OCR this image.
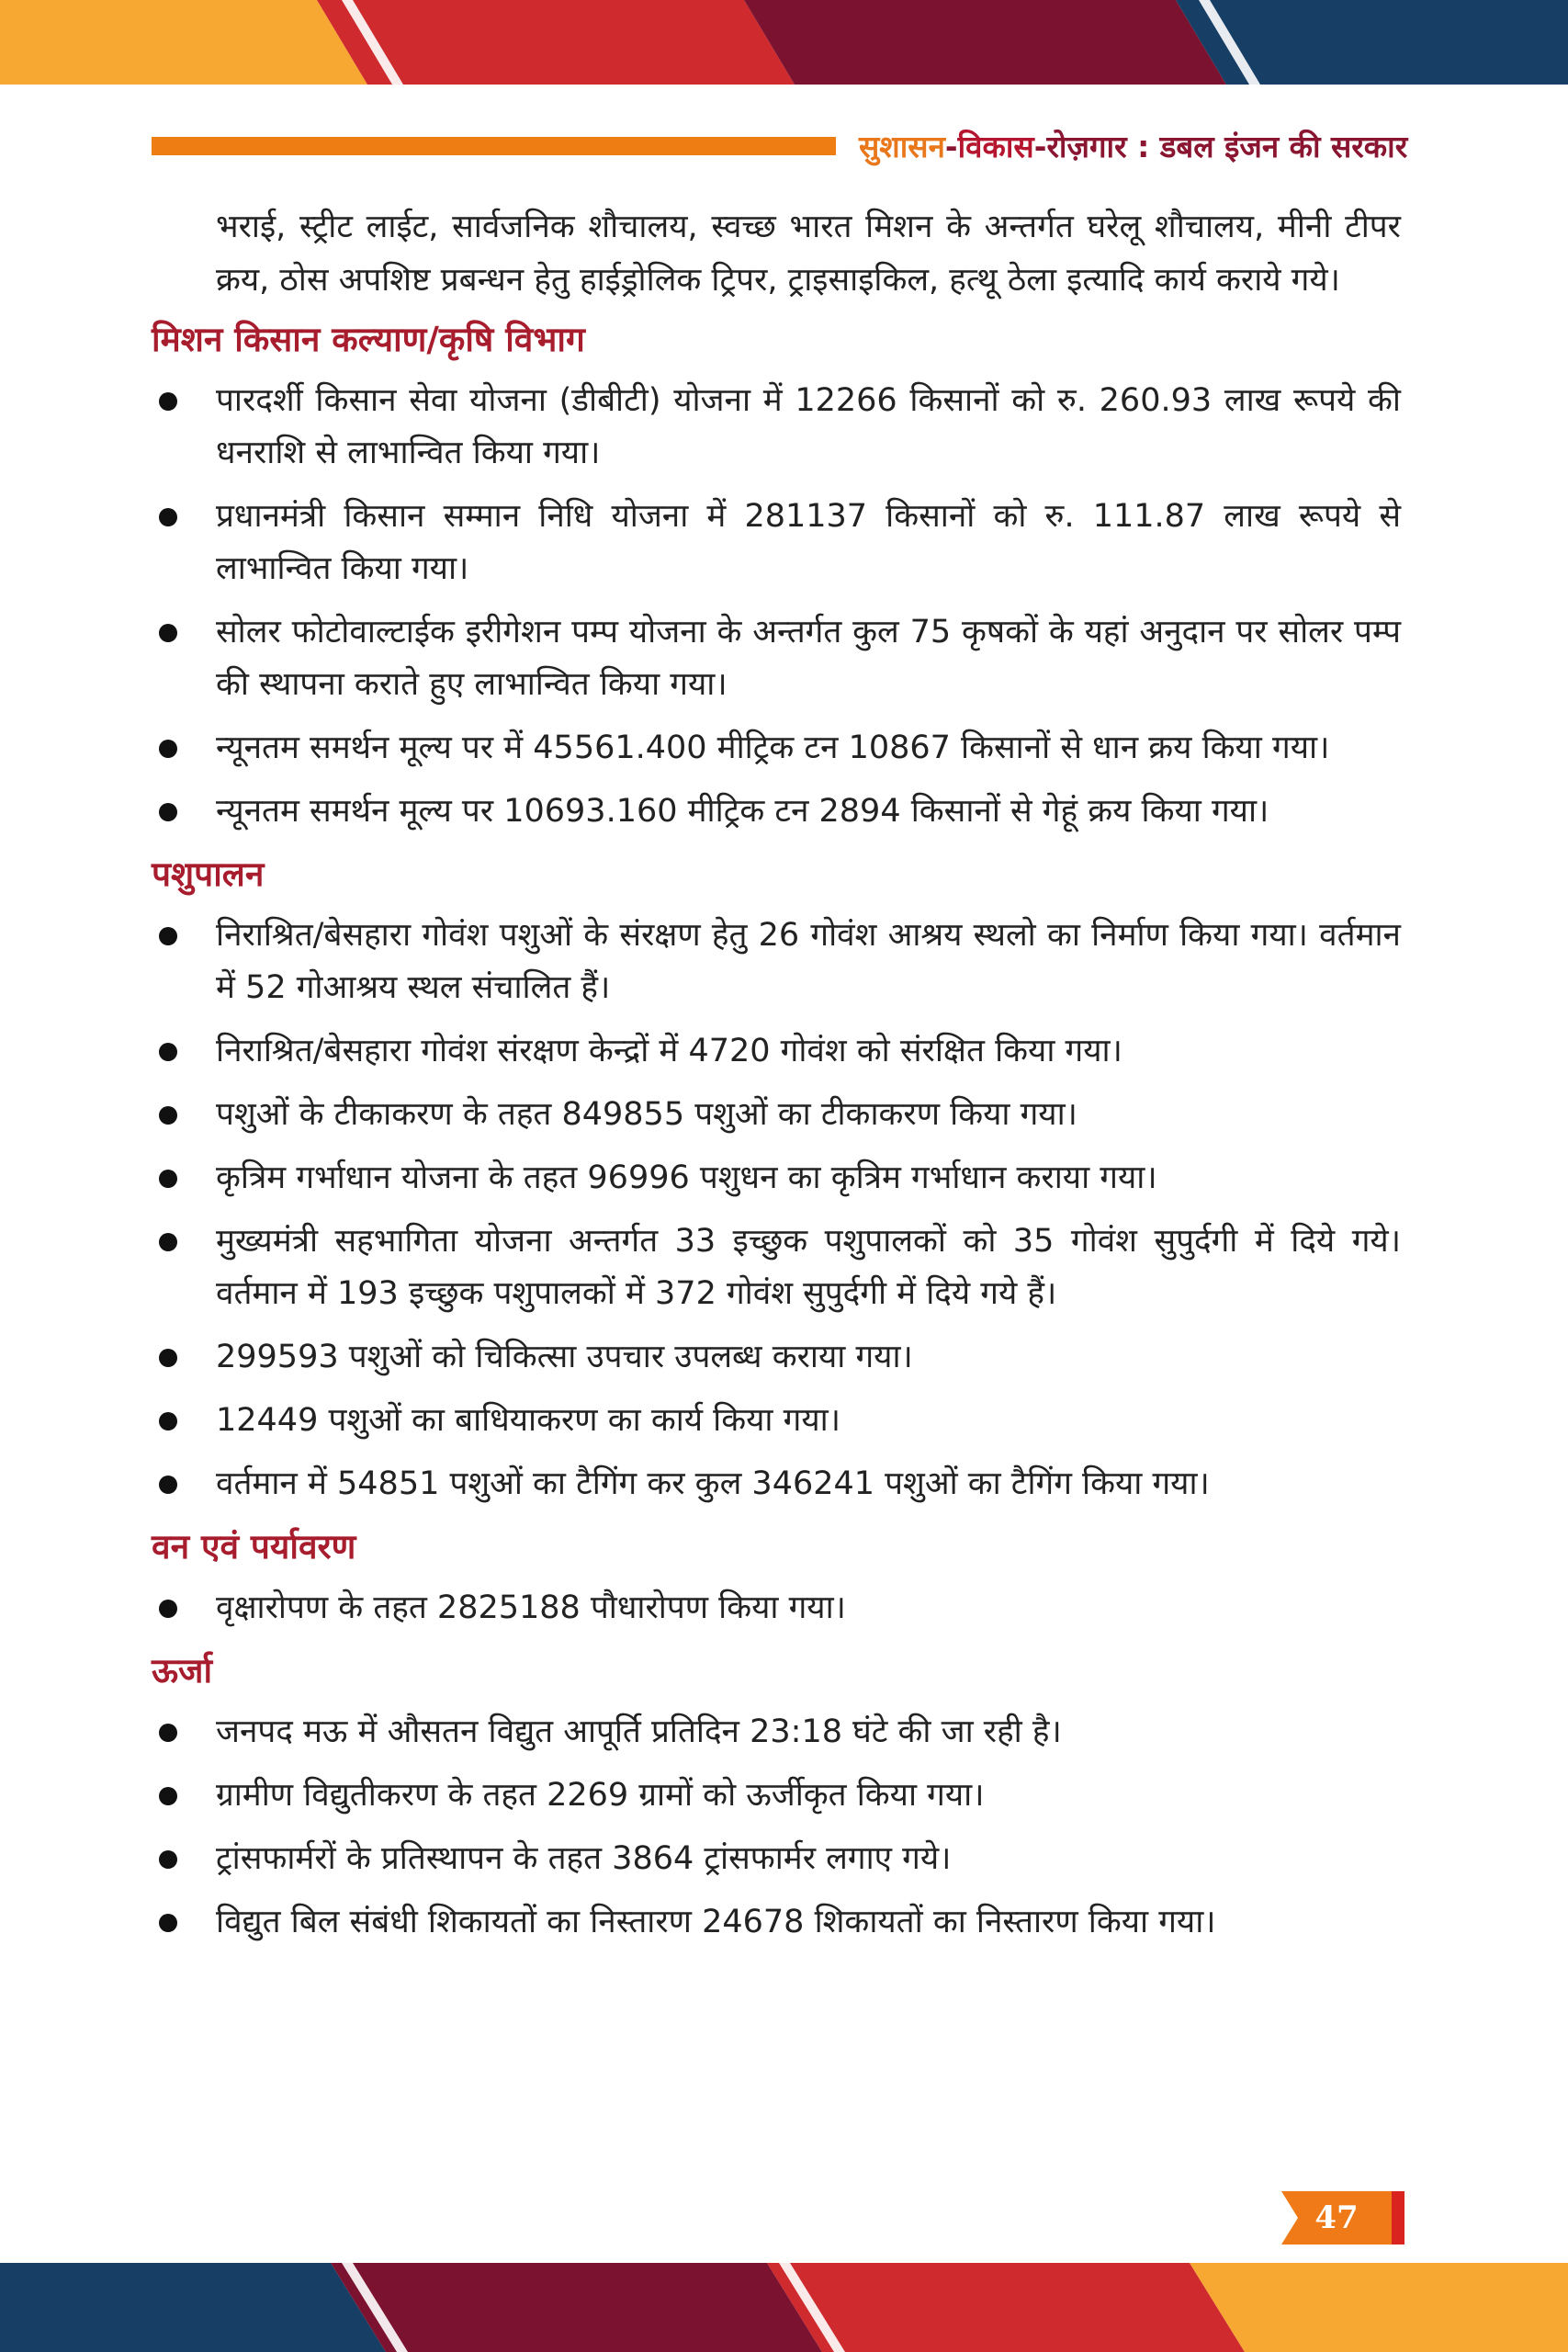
सुशासन-विकास-रोज़गार : डबल इंजन की सरकार

भराई, स्ट्रीट लाईट, सार्वजनिक शौचालय, स्वच्छ भारत मिशन के अन्तर्गत घरेलू शौचालय, मीनी टीपर क्रय, ठोस अपशिष्ट प्रबन्धन हेतु हाईड्रोलिक ट्रिपर, ट्राइसाइकिल, हत्थू ठेला इत्यादि कार्य कराये गये।

मिशन किसान कल्याण/कृषि विभाग
पारदर्शी किसान सेवा योजना (डीबीटी) योजना में 12266 किसानों को रु. 260.93 लाख रूपये की धनराशि से लाभान्वित किया गया।
प्रधानमंत्री किसान सम्मान निधि योजना में 281137 किसानों को रु. 111.87 लाख रूपये से लाभान्वित किया गया।
सोलर फोटोवाल्टाईक इरीगेशन पम्प योजना के अन्तर्गत कुल 75 कृषकों के यहां अनुदान पर सोलर पम्प की स्थापना कराते हुए लाभान्वित किया गया।
न्यूनतम समर्थन मूल्य पर में 45561.400 मीट्रिक टन 10867 किसानों से धान क्रय किया गया।
न्यूनतम समर्थन मूल्य पर 10693.160 मीट्रिक टन 2894 किसानों से गेहूं क्रय किया गया।
पशुपालन
निराश्रित/बेसहारा गोवंश पशुओं के संरक्षण हेतु 26 गोवंश आश्रय स्थलो का निर्माण किया गया। वर्तमान में 52 गोआश्रय स्थल संचालित हैं।
निराश्रित/बेसहारा गोवंश संरक्षण केन्द्रों में 4720 गोवंश को संरक्षित किया गया।
पशुओं के टीकाकरण के तहत 849855 पशुओं का टीकाकरण किया गया।
कृत्रिम गर्भाधान योजना के तहत 96996 पशुधन का कृत्रिम गर्भाधान कराया गया।
मुख्यमंत्री सहभागिता योजना अन्तर्गत 33 इच्छुक पशुपालकों को 35 गोवंश सुपुर्दगी में दिये गये। वर्तमान में 193 इच्छुक पशुपालकों में 372 गोवंश सुपुर्दगी में दिये गये हैं।
299593 पशुओं को चिकित्सा उपचार उपलब्ध कराया गया।
12449 पशुओं का बाधियाकरण का कार्य किया गया।
वर्तमान में 54851 पशुओं का टैगिंग कर कुल 346241 पशुओं का टैगिंग किया गया।
वन एवं पर्यावरण
वृक्षारोपण के तहत 2825188 पौधारोपण किया गया।
ऊर्जा
जनपद मऊ में औसतन विद्युत आपूर्ति प्रतिदिन 23:18 घंटे की जा रही है।
ग्रामीण विद्युतीकरण के तहत 2269 ग्रामों को ऊर्जीकृत किया गया।
ट्रांसफार्मरों के प्रतिस्थापन के तहत 3864 ट्रांसफार्मर लगाए गये।
विद्युत बिल संबंधी शिकायतों का निस्तारण 24678 शिकायतों का निस्तारण किया गया।
47
